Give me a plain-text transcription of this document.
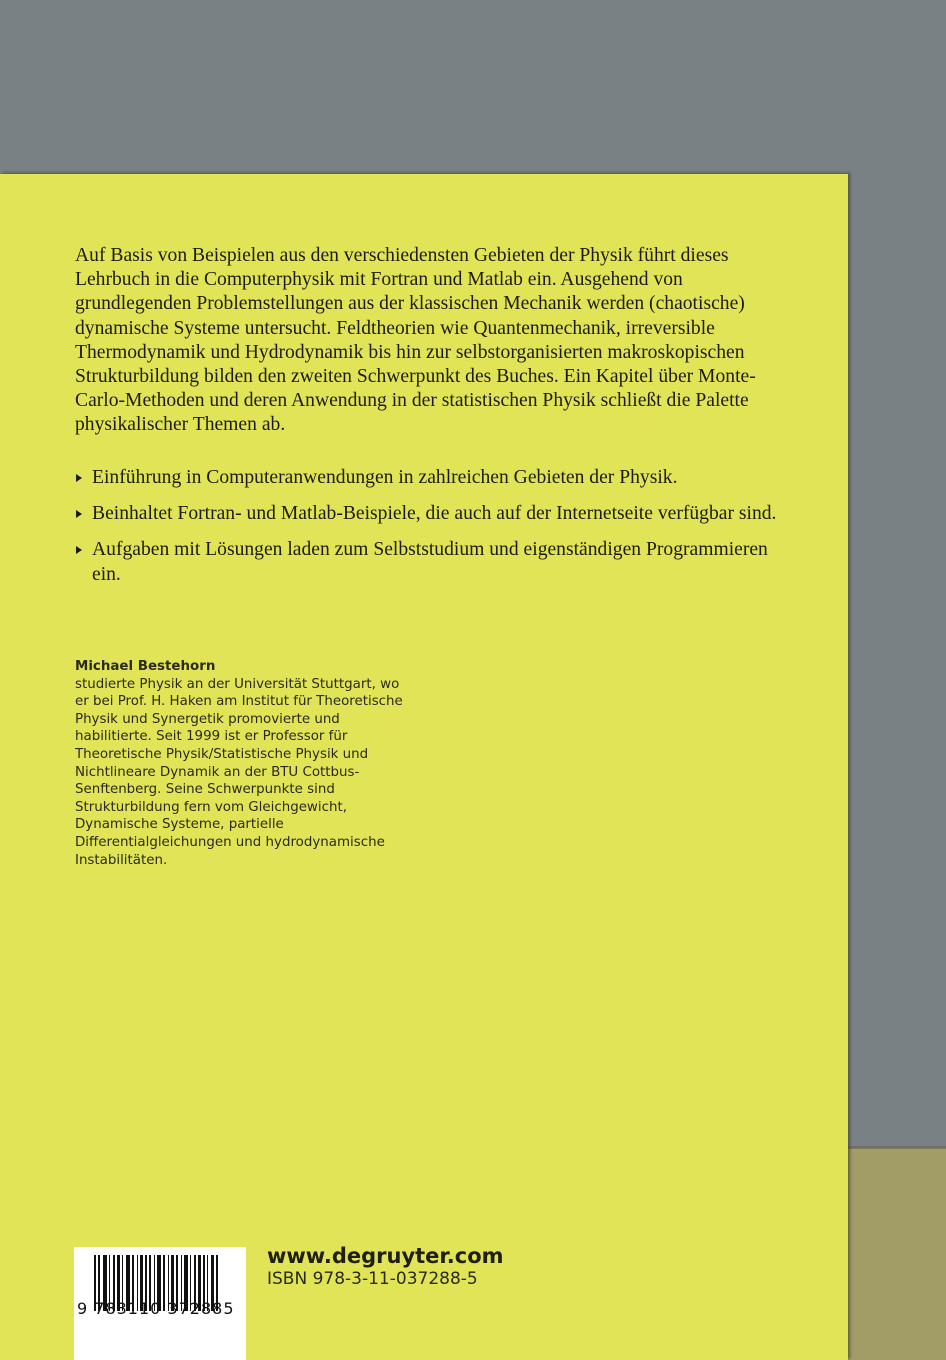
Auf Basis von Beispielen aus den verschiedensten Gebieten der Physik führt dieses Lehrbuch in die Computerphysik mit Fortran und Matlab ein. Ausgehend von grundlegenden Problemstellungen aus der klassischen Mechanik werden (chaotische) dynamische Systeme untersucht. Feldtheorien wie Quantenmechanik, irreversible Thermodynamik und Hydrodynamik bis hin zur selbstorganisierten makroskopischen Strukturbildung bilden den zweiten Schwerpunkt des Buches. Ein Kapitel über Monte-Carlo-Methoden und deren Anwendung in der statistischen Physik schließt die Palette physikalischer Themen ab.

Einführung in Computeranwendungen in zahlreichen Gebieten der Physik.
Beinhaltet Fortran- und Matlab-Beispiele, die auch auf der Internetseite verfügbar sind.
Aufgaben mit Lösungen laden zum Selbststudium und eigenständigen Programmieren ein.
Michael Bestehorn
studierte Physik an der Universität Stuttgart, wo er bei Prof. H. Haken am Institut für Theoretische Physik und Synergetik promovierte und habilitierte. Seit 1999 ist er Professor für Theoretische Physik/Statistische Physik und Nichtlineare Dynamik an der BTU Cottbus-Senftenberg. Seine Schwerpunkte sind Strukturbildung fern vom Gleichgewicht, Dynamische Systeme, partielle Differentialgleichungen und hydrodynamische Instabilitäten.
9 783110 372885
www.degruyter.com
ISBN 978-3-11-037288-5
